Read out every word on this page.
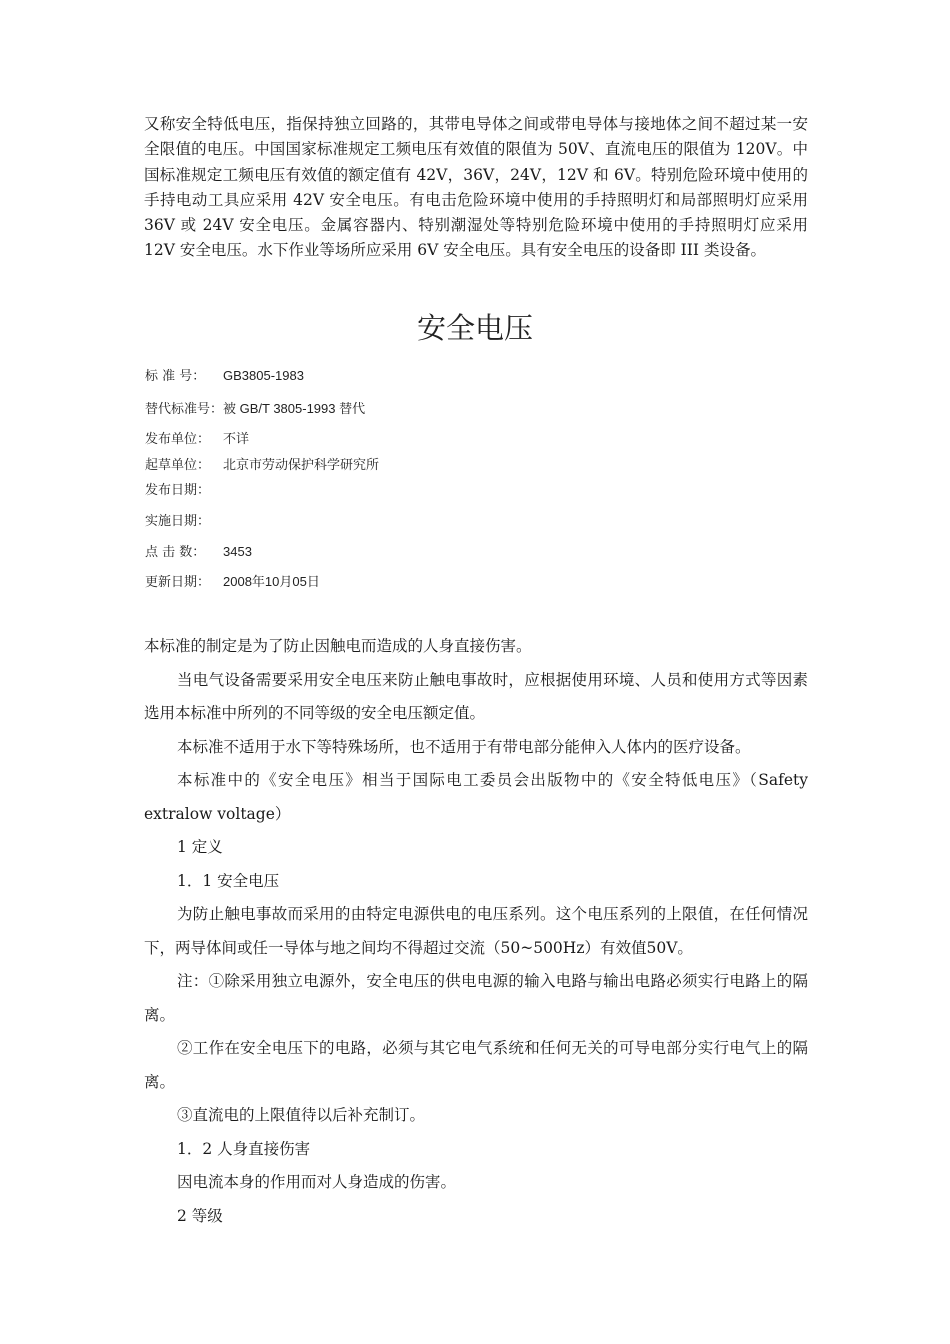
又称安全特低电压，指保持独立回路的，其带电导体之间或带电导体与接地体之间不超过某一安全限值的电压。中国国家标准规定工频电压有效值的限值为 50V、直流电压的限值为 120V。中国标准规定工频电压有效值的额定值有 42V，36V，24V，12V 和 6V。特别危险环境中使用的手持电动工具应采用 42V 安全电压。有电击危险环境中使用的手持照明灯和局部照明灯应采用 36V 或 24V 安全电压。金属容器内、特别潮湿处等特别危险环境中使用的手持照明灯应采用 12V 安全电压。水下作业等场所应采用 6V 安全电压。具有安全电压的设备即 III 类设备。

安全电压
标 准 号： GB3805-1983
替代标准号：被 GB/T 3805-1993 替代
发布单位： 不详
起草单位： 北京市劳动保护科学研究所
发布日期：
实施日期：
点 击 数： 3453
更新日期： 2008年10月05日

本标准的制定是为了防止因触电而造成的人身直接伤害。

当电气设备需要采用安全电压来防止触电事故时，应根据使用环境、人员和使用方式等因素选用本标准中所列的不同等级的安全电压额定值。

本标准不适用于水下等特殊场所，也不适用于有带电部分能伸入人体内的医疗设备。

本标准中的《安全电压》相当于国际电工委员会出版物中的《安全特低电压》（Safety extralow voltage）

1 定义

1．1 安全电压

为防止触电事故而采用的由特定电源供电的电压系列。这个电压系列的上限值，在任何情况下，两导体间或任一导体与地之间均不得超过交流（50~500Hz）有效值50V。

注：①除采用独立电源外，安全电压的供电电源的输入电路与输出电路必须实行电路上的隔离。

②工作在安全电压下的电路，必须与其它电气系统和任何无关的可导电部分实行电气上的隔离。

③直流电的上限值待以后补充制订。

1．2 人身直接伤害

因电流本身的作用而对人身造成的伤害。

2 等级
